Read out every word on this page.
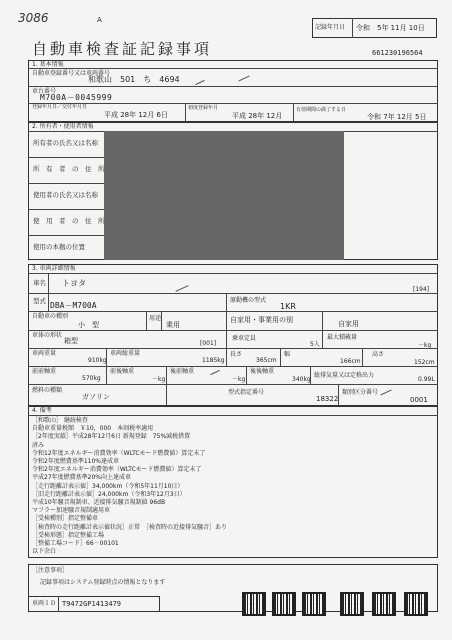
3086	A
記録年月日 令和　5年 11月 10日
自動車検査証記録事項	661230196564
1. 基本情報
自動車登録番号又は車両番号
和歌山　501　ち　4694
車台番号
M700A－0045999
登録年月日／交付年月日
平成 28年 12月 6日
初度登録年月
平成 28年 12月
有効期間の満了する日
令和 7年 12月 5日
2. 所有者・使用者情報
所有者の氏名又は名称
所　有　者　の　住　所
使用者の氏名又は名称
使　用　者　の　住　所
使用の本拠の位置
3. 車両詳細情報
車名 トヨタ
[194]
型式 DBA－M700A
原動機の型式
1KR
自動車の種別
小　型
用途
乗用
自家用・事業用の別	自家用
車体の形状
箱型	[001]
乗車定員
5人
最大積載量
－kg
車両重量
910kg
車両総重量
1185kg
長さ
365cm
幅
166cm
高さ
152cm
前前軸重
570kg
前後軸重
－kg
後前軸重
－kg
後後軸重
340kg
総排気量又は定格出力
0.99L
燃料の種類
ガソリン
型式指定番号
18322
類別区分番号
0001
4. 備考
［和歌山］ 継続検査
自動車重量税額　￥10，000　本則税率適用
［2年度実績］平成28年12月6日 新規登録　75%減税措置
済み
令和12年度エネルギー消費効率（WLTCモード燃費値）算定未了
令和2年度燃費基準110%達成車
令和2年度エネルギー消費効率（WLTCモード燃費値）算定未了
平成27年度燃費基準20%向上達成車
［走行距離計表示値］34,000km（令和5年11月10日）
［旧走行距離計表示値］24,000km（令和3年12月3日）
平成10年騒音規制車、近接排気騒音規制値 96dB
マフラー加速騒音規制適用車
［受検種別］指定整備車
［検査時の走行距離計表示値状況］正常　［検査時の近接排気騒音］あり
［受検形態］指定整備工場
［整備工場コード］66－00101
以下余白
［注意事項］
記録事項はシステム登録時点の情報となります
車両ＩＤ T9472GP1413479
